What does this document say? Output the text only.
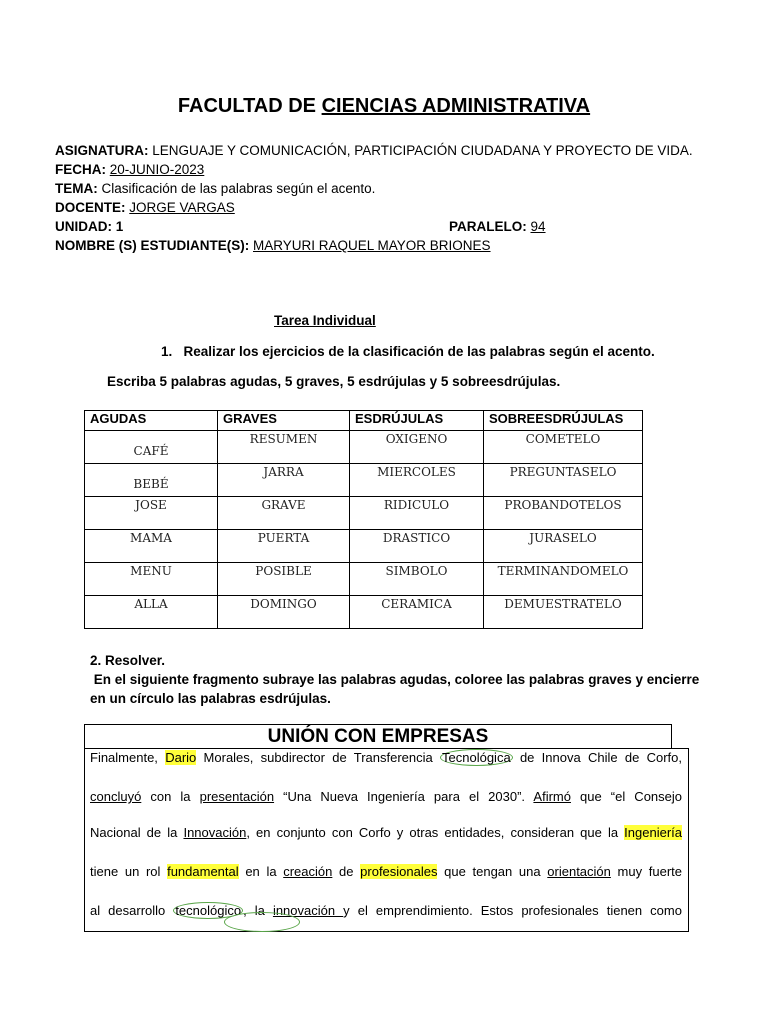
FACULTAD DE CIENCIAS ADMINISTRATIVA
ASIGNATURA: LENGUAJE Y COMUNICACIÓN, PARTICIPACIÓN CIUDADANA Y PROYECTO DE VIDA.
FECHA: 20-JUNIO-2023
TEMA: Clasificación de las palabras según el acento.
DOCENTE: JORGE VARGAS
UNIDAD: 1	PARALELO: 94
NOMBRE (S) ESTUDIANTE(S): MARYURI RAQUEL MAYOR BRIONES
Tarea Individual
1.   Realizar los ejercicios de la clasificación de las palabras según el acento.
Escriba 5 palabras agudas, 5 graves, 5 esdrújulas y 5 sobreesdrújulas.
AGUDAS	GRAVES	ESDRÚJULAS	SOBREESDRÚJULAS

CAFÉ	RESUMEN	OXIGENO	COMETELO

BEBÉ	JARRA	MIERCOLES	PREGUNTASELO

JOSE	GRAVE	RIDICULO	PROBANDOTELOS

MAMA	PUERTA	DRASTICO	JURASELO

MENU	POSIBLE	SIMBOLO	TERMINANDOMELO

ALLA	DOMINGO	CERAMICA	DEMUESTRATELO
2. Resolver.
En el siguiente fragmento subraye las palabras agudas, coloree las palabras graves y encierre
en un círculo las palabras esdrújulas.
UNIÓN CON EMPRESAS
Finalmente, Dario Morales, subdirector de Transferencia Tecnológica de Innova Chile de Corfo,
concluyó con la presentación “Una Nueva Ingeniería para el 2030”. Afirmó que “el Consejo
Nacional de la Innovación, en conjunto con Corfo y otras entidades, consideran que la Ingeniería
tiene un rol fundamental en la creación de profesionales que tengan una orientación muy fuerte
al desarrollo tecnológico , la innovación y el emprendimiento. Estos profesionales tienen como
